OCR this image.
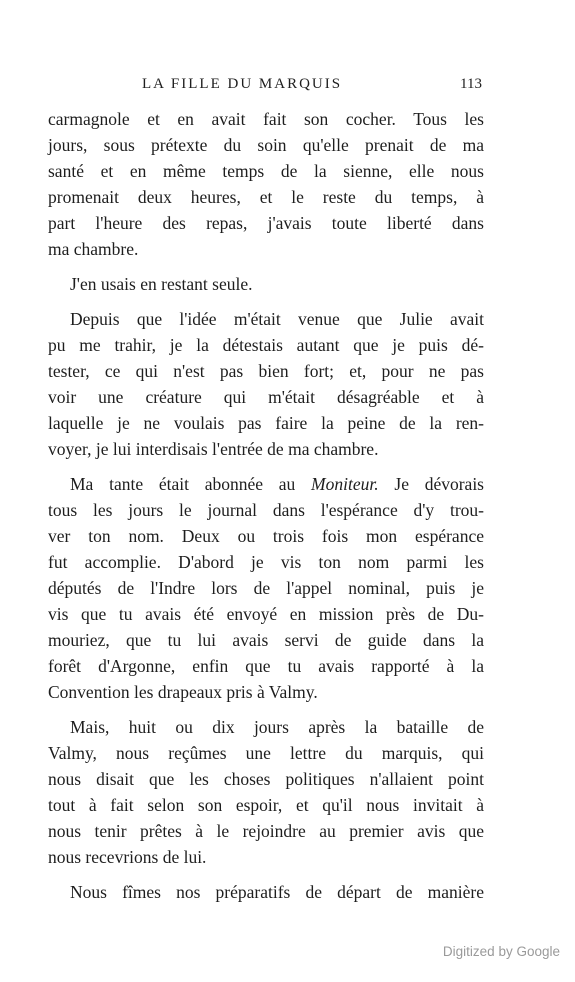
LA FILLE DU MARQUIS	113

carmagnole et en avait fait son cocher. Tous les
jours, sous prétexte du soin qu'elle prenait de ma
santé et en même temps de la sienne, elle nous
promenait deux heures, et le reste du temps, à
part l'heure des repas, j'avais toute liberté dans
ma chambre.

J'en usais en restant seule.

Depuis que l'idée m'était venue que Julie avait
pu me trahir, je la détestais autant que je puis dé-
tester, ce qui n'est pas bien fort; et, pour ne pas
voir une créature qui m'était désagréable et à
laquelle je ne voulais pas faire la peine de la ren-
voyer, je lui interdisais l'entrée de ma chambre.

Ma tante était abonnée au Moniteur. Je dévorais
tous les jours le journal dans l'espérance d'y trou-
ver ton nom. Deux ou trois fois mon espérance
fut accomplie. D'abord je vis ton nom parmi les
députés de l'Indre lors de l'appel nominal, puis je
vis que tu avais été envoyé en mission près de Du-
mouriez, que tu lui avais servi de guide dans la
forêt d'Argonne, enfin que tu avais rapporté à la
Convention les drapeaux pris à Valmy.

Mais, huit ou dix jours après la bataille de
Valmy, nous reçûmes une lettre du marquis, qui
nous disait que les choses politiques n'allaient point
tout à fait selon son espoir, et qu'il nous invitait à
nous tenir prêtes à le rejoindre au premier avis que
nous recevrions de lui.

Nous fîmes nos préparatifs de départ de manière

Digitized by Google
